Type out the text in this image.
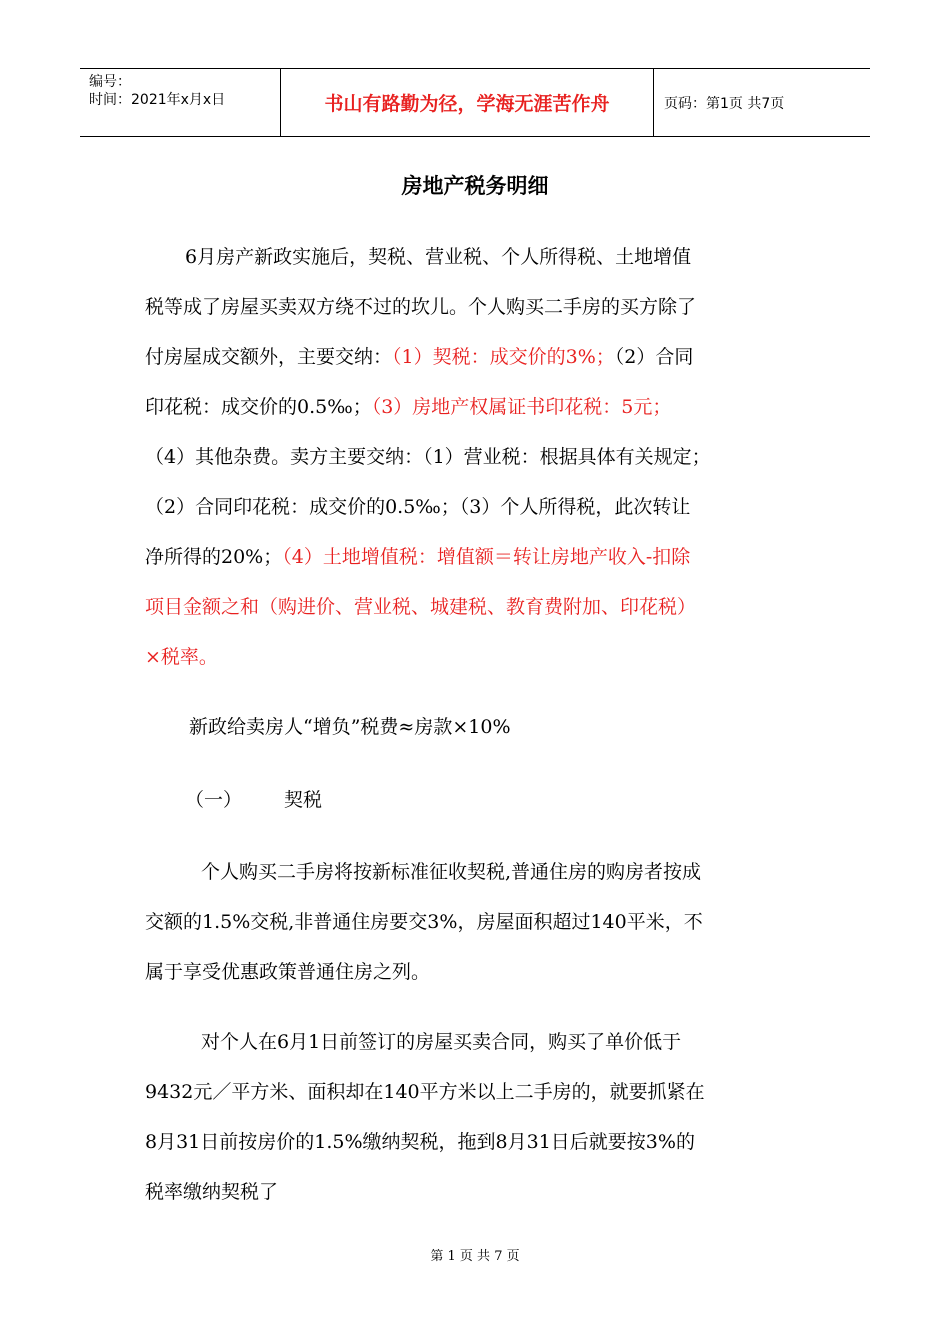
编号：
时间：2021年x月x日	书山有路勤为径，学海无涯苦作舟	页码：第1页 共7页
房地产税务明细
6月房产新政实施后，契税、营业税、个人所得税、土地增值
税等成了房屋买卖双方绕不过的坎儿。个人购买二手房的买方除了
付房屋成交额外，主要交纳：（1）契税：成交价的3%；（2）合同
印花税：成交价的0.5‰；（3）房地产权属证书印花税：5元；
（4）其他杂费。卖方主要交纳：（1）营业税：根据具体有关规定；
（2）合同印花税：成交价的0.5‰；（3）个人所得税，此次转让
净所得的20%；（4）土地增值税：增值额＝转让房地产收入-扣除
项目金额之和（购进价、营业税、城建税、教育费附加、印花税）
×税率。
新政给卖房人“增负”税费≈房款×10%
（一） 契税
个人购买二手房将按新标准征收契税,普通住房的购房者按成
交额的1.5%交税,非普通住房要交3%，房屋面积超过140平米，不
属于享受优惠政策普通住房之列。
对个人在6月1日前签订的房屋买卖合同，购买了单价低于
9432元／平方米、面积却在140平方米以上二手房的，就要抓紧在
8月31日前按房价的1.5%缴纳契税，拖到8月31日后就要按3%的
税率缴纳契税了
第 1 页 共 7 页
